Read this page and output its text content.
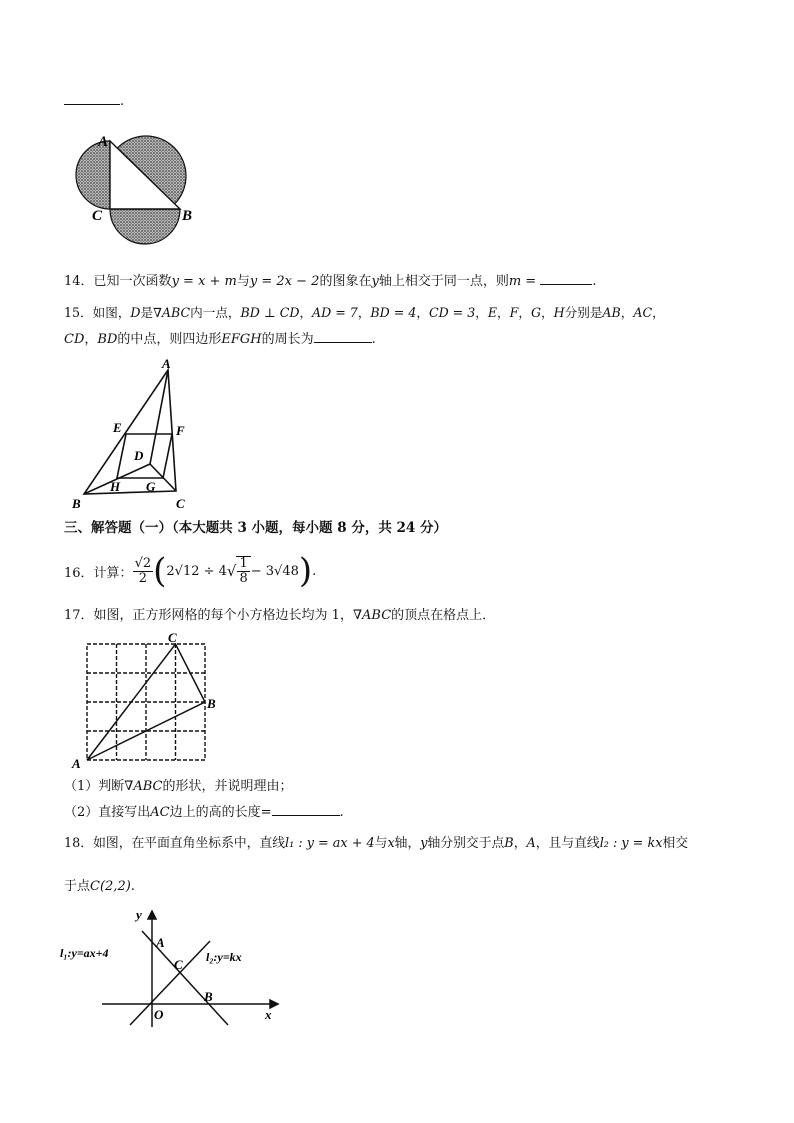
.
A
C	B
14．已知一次函数y = x + m与y = 2x − 2的图象在y轴上相交于同一点，则m =	.
15．如图，D是∇ABC内一点，BD ⊥ CD，AD = 7，BD = 4，CD = 3，E，F，G，H分别是AB，AC，
CD，BD的中点，则四边形EFGH的周长为	.
A
E	F
D
H G
B	C
三、解答题（一）（本大题共 3 小题，每小题 8 分，共 24 分）
16． 计算： $\frac{√2}{2}$ ( 2√12 ÷ 4 √ $\frac{1}{8} - 3√48$ ) .
17．如图，正方形网格的每个小方格边长均为 1，∇ABC的顶点在格点上．
C
B
A
（1）判断∇ABC的形状，并说明理由；
（2）直接写出AC边上的高的长度=	.
18．如图，在平面直角坐标系中，直线l₁ : y = ax + 4与x轴，y轴分别交于点B，A，且与直线l₂ : y = kx相交
于点C(2,2).
y
x
O
A
C
B
l₁:y=ax+4	l₂:y=kx
